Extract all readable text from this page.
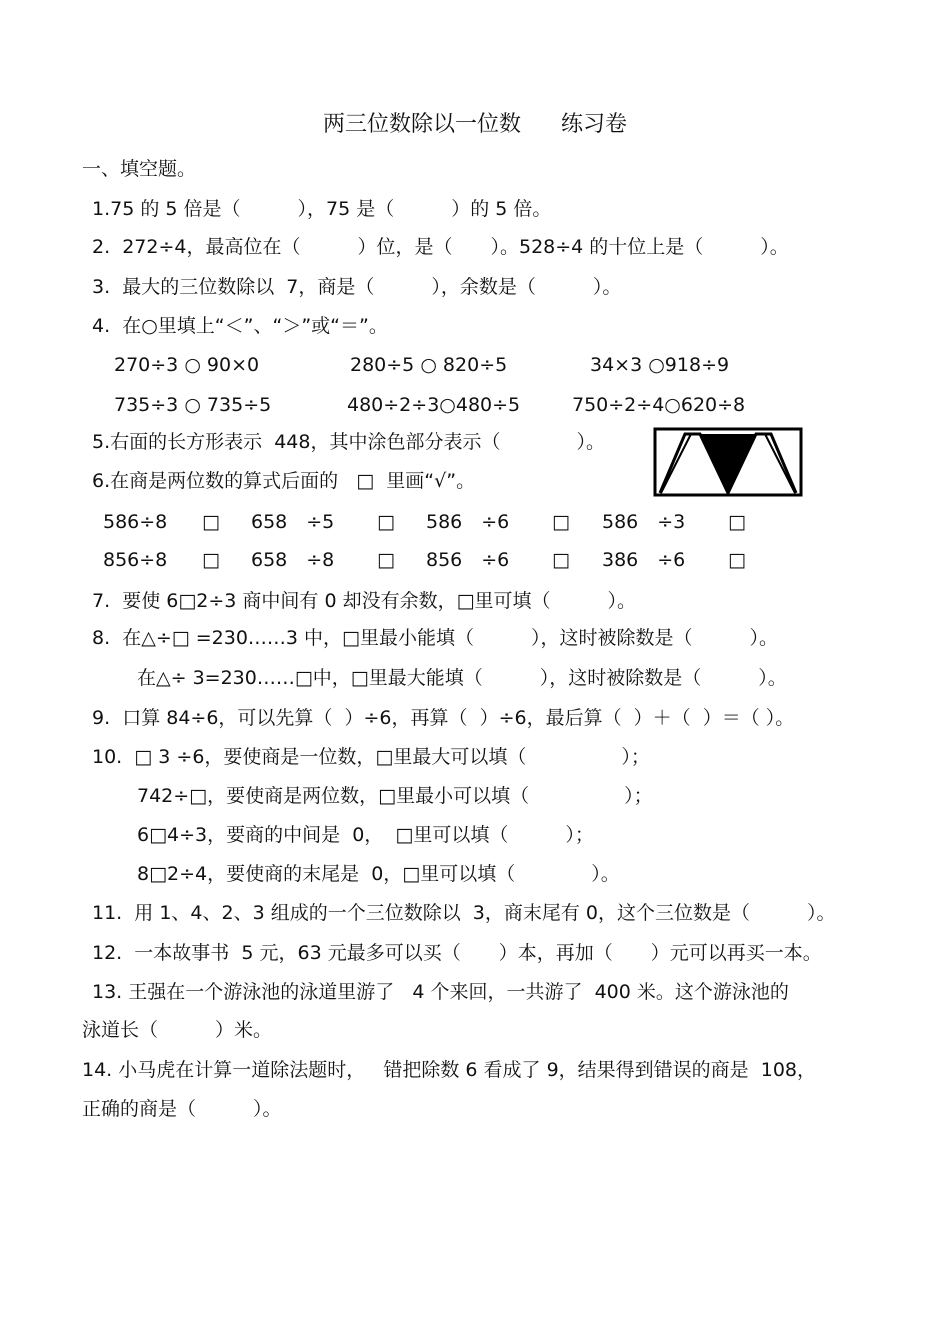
两三位数除以一位数 练习卷
一、填空题。
1.75 的 5 倍是（　　　），75 是（　　　）的 5 倍。
2.  272÷4，最高位在（　　　）位，是（　　）。528÷4 的十位上是（　　　）。
3.  最大的三位数除以  7，商是（　　　），余数是（　　　）。
4.  在○里填上“＜”、“＞”或“＝”。
270÷3 ○ 90×0	280÷5 ○ 820÷5	34×3 ○918÷9
735÷3 ○ 735÷5	480÷2÷3○480÷5	750÷2÷4○620÷8
5.右面的长方形表示  448，其中涂色部分表示（　　　　）。
6.在商是两位数的算式后面的   □  里画“√”。
586÷8 □ 658　÷5 □ 586　÷6 □ 586　÷3 □
856÷8 □ 658　÷8 □ 856　÷6 □ 386　÷6 □
7.  要使 6□2÷3 商中间有 0 却没有余数，□里可填（　　　）。
8.  在△÷□ =230……3 中，□里最小能填（　　　），这时被除数是（　　　）。
在△÷ 3=230……□中，□里最大能填（　　　），这时被除数是（　　　）。
9.  口算 84÷6，可以先算（  ）÷6，再算（  ）÷6，最后算（  ）＋（  ）＝（ ）。
10.  □ 3 ÷6，要使商是一位数，□里最大可以填（　　　　　）；
742÷□，要使商是两位数，□里最小可以填（　　　　　）；
6□4÷3，要商的中间是  0，  □里可以填（　　　）；
8□2÷4，要使商的末尾是  0，□里可以填（　　　　）。
11.  用 1、4、2、3 组成的一个三位数除以  3，商末尾有 0，这个三位数是（　　　）。
12.  一本故事书  5 元，63 元最多可以买（　　）本，再加（　　）元可以再买一本。
13. 王强在一个游泳池的泳道里游了   4 个来回，一共游了  400 米。这个游泳池的
泳道长（　　　）米。
14. 小马虎在计算一道除法题时，   错把除数 6 看成了 9，结果得到错误的商是  108，
正确的商是（　　　）。
